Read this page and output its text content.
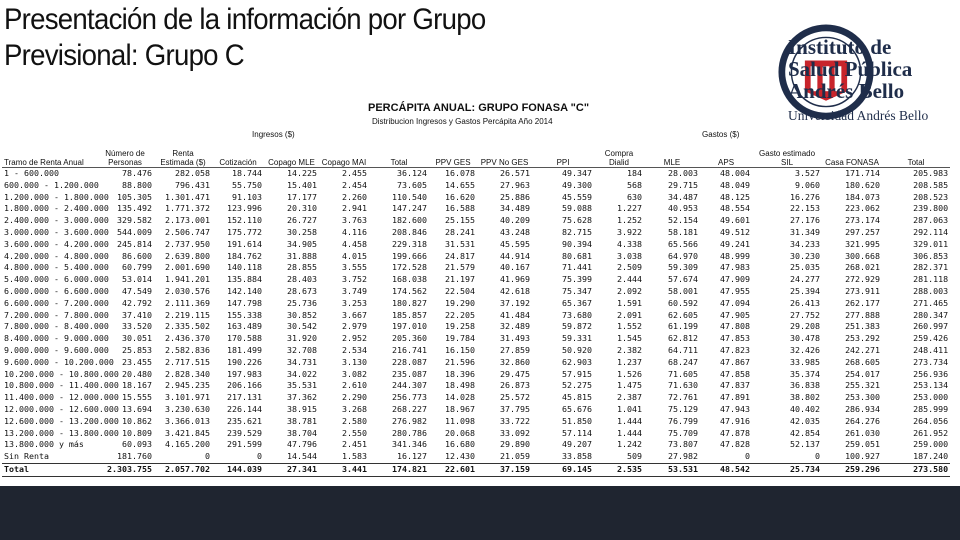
Presentación de la información por Grupo Previsional: Grupo C	Instituto de
Salud Pública
Andrés Bello
Universidad Andrés Bello
PERCÁPITA ANUAL: GRUPO FONASA "C"
Distribucion Ingresos y Gastos Percápita Año 2014
			Ingresos ($)									Gastos ($)			
Tramo de Renta Anual	Número de Personas	Renta Estimada ($)	Cotización	Copago MLE	Copago MAI	Total	PPV GES	PPV No GES	PPI	Compra Dialid	MLE	APS	Gasto estimado SIL	Casa FONASA	Total
1 - 600.000	78.476	282.058	18.744	14.225	2.455	36.124	16.078	26.571	49.347	184	28.003	48.004	3.527	171.714	205.983
600.000 - 1.200.000	88.800	796.431	55.750	15.401	2.454	73.605	14.655	27.963	49.300	568	29.715	48.049	9.060	180.620	208.585
1.200.000 - 1.800.000	105.305	1.301.471	91.103	17.177	2.260	110.540	16.620	25.886	45.559	630	34.487	48.125	16.276	184.073	208.523
1.800.000 - 2.400.000	135.492	1.771.372	123.996	20.310	2.941	147.247	16.588	34.489	59.088	1.227	40.953	48.554	22.153	223.062	239.800
2.400.000 - 3.000.000	329.582	2.173.001	152.110	26.727	3.763	182.600	25.155	40.209	75.628	1.252	52.154	49.601	27.176	273.174	287.063
3.000.000 - 3.600.000	544.009	2.506.747	175.772	30.258	4.116	208.846	28.241	43.248	82.715	3.922	58.181	49.512	31.349	297.257	292.114
3.600.000 - 4.200.000	245.814	2.737.950	191.614	34.905	4.458	229.318	31.531	45.595	90.394	4.338	65.566	49.241	34.233	321.995	329.011
4.200.000 - 4.800.000	86.600	2.639.800	184.762	31.888	4.015	199.666	24.817	44.914	80.681	3.038	64.970	48.999	30.230	300.668	306.853
4.800.000 - 5.400.000	60.799	2.001.690	140.118	28.855	3.555	172.528	21.579	40.167	71.441	2.509	59.309	47.983	25.035	268.021	282.371
5.400.000 - 6.000.000	53.014	1.941.201	135.884	28.403	3.752	168.038	21.197	41.969	75.399	2.444	57.674	47.909	24.277	272.929	281.118
6.000.000 - 6.600.000	47.549	2.030.576	142.140	28.673	3.749	174.562	22.504	42.618	75.347	2.092	58.001	47.955	25.394	273.911	288.003
6.600.000 - 7.200.000	42.792	2.111.369	147.798	25.736	3.253	180.827	19.290	37.192	65.367	1.591	60.592	47.094	26.413	262.177	271.465
7.200.000 - 7.800.000	37.410	2.219.115	155.338	30.852	3.667	185.857	22.205	41.484	73.680	2.091	62.605	47.905	27.752	277.888	280.347
7.800.000 - 8.400.000	33.520	2.335.502	163.489	30.542	2.979	197.010	19.258	32.489	59.872	1.552	61.199	47.808	29.208	251.383	260.997
8.400.000 - 9.000.000	30.051	2.436.370	170.588	31.920	2.952	205.360	19.784	31.493	59.331	1.545	62.812	47.853	30.478	253.292	259.426
9.000.000 - 9.600.000	25.853	2.582.836	181.499	32.708	2.534	216.741	16.150	27.859	50.920	2.382	64.711	47.823	32.426	242.271	248.411
9.600.000 - 10.200.000	23.455	2.717.515	190.226	34.731	3.130	228.087	21.596	32.860	62.903	1.237	68.247	47.867	33.985	268.605	273.734
10.200.000 - 10.800.000	20.480	2.828.340	197.983	34.022	3.082	235.087	18.396	29.475	57.915	1.526	71.605	47.858	35.374	254.017	256.936
10.800.000 - 11.400.000	18.167	2.945.235	206.166	35.531	2.610	244.307	18.498	26.873	52.275	1.475	71.630	47.837	36.838	255.321	253.134
11.400.000 - 12.000.000	15.555	3.101.971	217.131	37.362	2.290	256.773	14.028	25.572	45.815	2.387	72.761	47.891	38.802	253.300	253.000
12.000.000 - 12.600.000	13.694	3.230.630	226.144	38.915	3.268	268.227	18.967	37.795	65.676	1.041	75.129	47.943	40.402	286.934	285.999
12.600.000 - 13.200.000	10.862	3.366.013	235.621	38.781	2.580	276.982	11.098	33.722	51.850	1.444	76.799	47.916	42.035	264.276	264.056
13.200.000 - 13.800.000	10.809	3.421.845	239.529	38.704	2.550	280.786	20.068	33.092	57.114	1.444	75.709	47.878	42.854	261.030	261.952
13.800.000 y más	60.093	4.165.200	291.599	47.796	2.451	341.346	16.680	29.890	49.207	1.242	73.807	47.828	52.137	259.051	259.000
Sin Renta	181.760	0	0	14.544	1.583	16.127	12.430	21.059	33.858	509	27.982	0	0	100.927	187.240
Total	2.303.755	2.057.702	144.039	27.341	3.441	174.821	22.601	37.159	69.145	2.535	53.531	48.542	25.734	259.296	273.580
